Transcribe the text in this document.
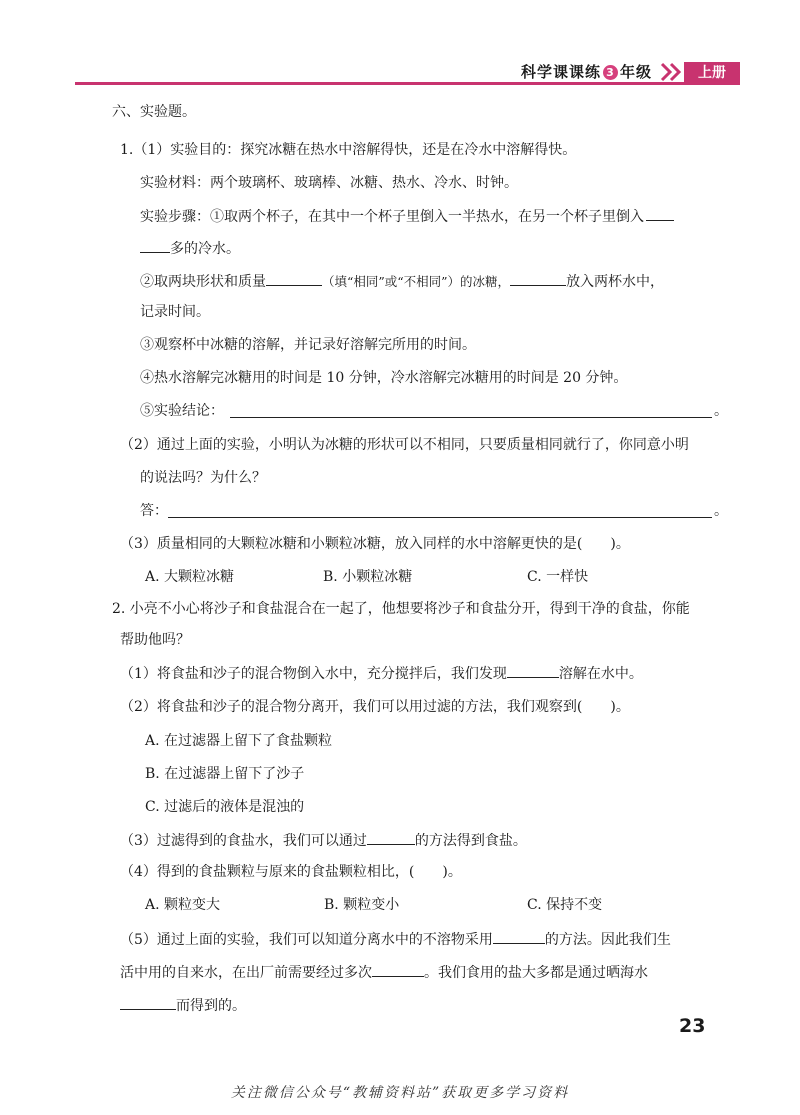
科学课课练 3 年级	上册
六、实验题。
1.（1）实验目的：探究冰糖在热水中溶解得快，还是在冷水中溶解得快。
实验材料：两个玻璃杯、玻璃棒、冰糖、热水、冷水、时钟。
实验步骤：①取两个杯子，在其中一个杯子里倒入一半热水，在另一个杯子里倒入
多的冷水。
②取两块形状和质量	（填“相同”或“不相同”）的冰糖，	放入两杯水中，
记录时间。
③观察杯中冰糖的溶解，并记录好溶解完所用的时间。
④热水溶解完冰糖用的时间是 10 分钟，冷水溶解完冰糖用的时间是 20 分钟。
⑤实验结论：	。
（2）通过上面的实验，小明认为冰糖的形状可以不相同，只要质量相同就行了，你同意小明
的说法吗？为什么？
答：	。
（3）质量相同的大颗粒冰糖和小颗粒冰糖，放入同样的水中溶解更快的是(　　)。
A. 大颗粒冰糖	B. 小颗粒冰糖	C. 一样快
2. 小亮不小心将沙子和食盐混合在一起了，他想要将沙子和食盐分开，得到干净的食盐，你能
帮助他吗？
（1）将食盐和沙子的混合物倒入水中，充分搅拌后，我们发现	溶解在水中。
（2）将食盐和沙子的混合物分离开，我们可以用过滤的方法，我们观察到(　　)。
A. 在过滤器上留下了食盐颗粒
B. 在过滤器上留下了沙子
C. 过滤后的液体是混浊的
（3）过滤得到的食盐水，我们可以通过	的方法得到食盐。
（4）得到的食盐颗粒与原来的食盐颗粒相比，(　　)。
A. 颗粒变大	B. 颗粒变小	C. 保持不变
（5）通过上面的实验，我们可以知道分离水中的不溶物采用	的方法。因此我们生
活中用的自来水，在出厂前需要经过多次	。我们食用的盐大多都是通过晒海水
而得到的。
23
关注微信公众号“教辅资料站”获取更多学习资料
